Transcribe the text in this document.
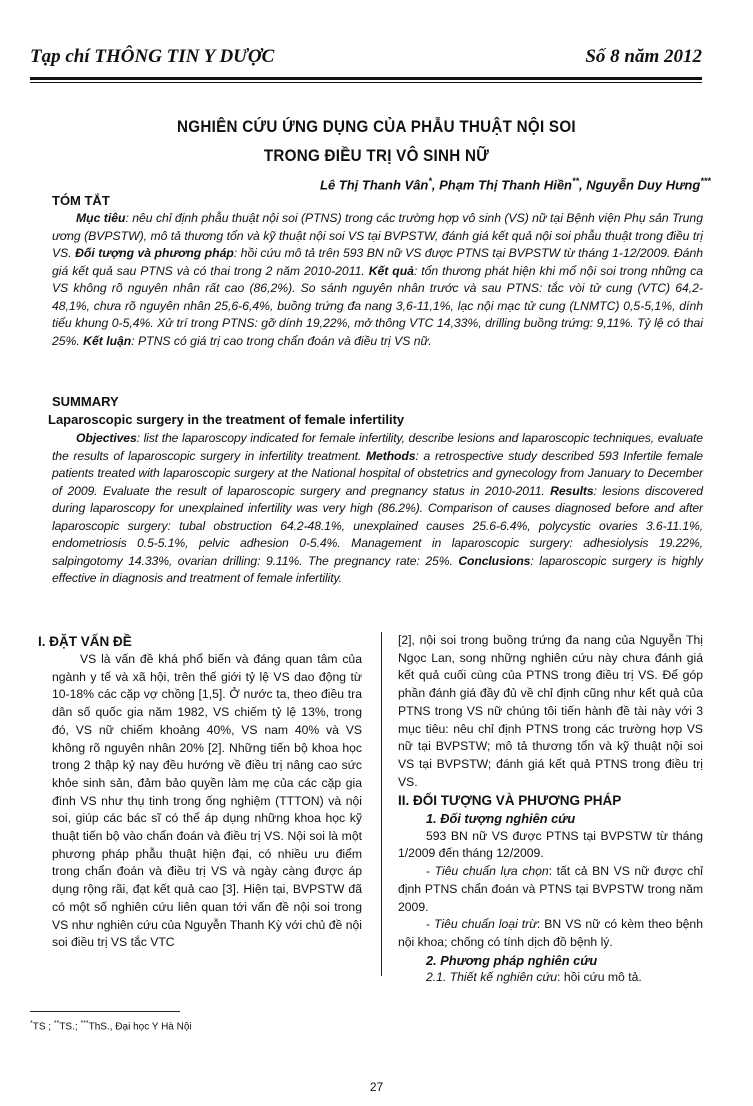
Tạp chí THÔNG TIN Y DƯỢC	Số 8 năm 2012
NGHIÊN CỨU ỨNG DỤNG CỦA PHẪU THUẬT NỘI SOI
TRONG ĐIỀU TRỊ VÔ SINH NỮ
Lê Thị Thanh Vân*, Phạm Thị Thanh Hiền**, Nguyễn Duy Hưng***
TÓM TẮT
Mục tiêu: nêu chỉ định phẫu thuật nội soi (PTNS) trong các trường hợp vô sinh (VS) nữ tại Bệnh viện Phụ sản Trung ương (BVPSTW), mô tả thương tổn và kỹ thuật nội soi VS tại BVPSTW, đánh giá kết quả nội soi phẫu thuật trong điều trị VS. Đối tượng và phương pháp: hồi cứu mô tả trên 593 BN nữ VS được PTNS tại BVPSTW từ tháng 1-12/2009. Đánh giá kết quả sau PTNS và có thai trong 2 năm 2010-2011. Kết quả: tổn thương phát hiện khi mổ nội soi trong những ca VS không rõ nguyên nhân rất cao (86,2%). So sánh nguyên nhân trước và sau PTNS: tắc vòi tử cung (VTC) 64,2-48,1%, chưa rõ nguyên nhân 25,6-6,4%, buồng trứng đa nang 3,6-11,1%, lạc nội mạc tử cung (LNMTC) 0,5-5,1%, dính tiểu khung 0-5,4%. Xử trí trong PTNS: gỡ dính 19,22%, mở thông VTC 14,33%, drilling buồng trứng: 9,11%. Tỷ lệ có thai 25%. Kết luận: PTNS có giá trị cao trong chẩn đoán và điều trị VS nữ.
SUMMARY
Laparoscopic surgery in the treatment of female infertility
Objectives: list the laparoscopy indicated for female infertility, describe lesions and laparoscopic techniques, evaluate the results of laparoscopic surgery in infertility treatment. Methods: a retrospective study described 593 Infertile female patients treated with laparoscopic surgery at the National hospital of obstetrics and gynecology from January to December of 2009. Evaluate the result of laparoscopic surgery and pregnancy status in 2010-2011. Results: lesions discovered during laparoscopy for unexplained infertility was very high (86.2%). Comparison of causes diagnosed before and after laparoscopic surgery: tubal obstruction 64.2-48.1%, unexplained causes 25.6-6.4%, polycystic ovaries 3.6-11.1%, endometriosis 0.5-5.1%, pelvic adhesion 0-5.4%. Management in laparoscopic surgery: adhesiolysis 19.22%, salpingotomy 14.33%, ovarian drilling: 9.11%. The pregnancy rate: 25%. Conclusions: laparoscopic surgery is highly effective in diagnosis and treatment of female infertility.
I. ĐẶT VẤN ĐỀ

VS là vấn đề khá phổ biến và đáng quan tâm của ngành y tế và xã hội, trên thế giới tỷ lệ VS dao động từ 10-18% các cặp vợ chồng [1,5]. Ở nước ta, theo điều tra dân số quốc gia năm 1982, VS chiếm tỷ lệ 13%, trong đó, VS nữ chiếm khoảng 40%, VS nam 40% và VS không rõ nguyên nhân 20% [2]. Những tiến bộ khoa học trong 2 thập kỷ nay đều hướng về điều trị nâng cao sức khỏe sinh sản, đảm bảo quyền làm mẹ của các cặp gia đình VS như thụ tinh trong ống nghiệm (TTTON) và nội soi, giúp các bác sĩ có thể áp dụng những khoa học kỹ thuật tiến bộ vào chẩn đoán và điều trị VS. Nội soi là một phương pháp phẫu thuật hiện đại, có nhiều ưu điểm trong chẩn đoán và điều trị VS và ngày càng được áp dụng rộng rãi, đạt kết quả cao [3]. Hiện tại, BVPSTW đã có một số nghiên cứu liên quan tới vấn đề nội soi trong VS như nghiên cứu của Nguyễn Thanh Kỳ với chủ đề nội soi điều trị VS tắc VTC

[2], nội soi trong buồng trứng đa nang của Nguyễn Thị Ngọc Lan, song những nghiên cứu này chưa đánh giá kết quả cuối cùng của PTNS trong điều trị VS. Để góp phần đánh giá đầy đủ về chỉ định cũng như kết quả của PTNS trong VS nữ chúng tôi tiến hành đề tài này với 3 mục tiêu: nêu chỉ định PTNS trong các trường hợp VS nữ tại BVPSTW; mô tả thương tổn và kỹ thuật nội soi VS tại BVPSTW; đánh giá kết quả PTNS trong điều trị VS.

II. ĐỐI TƯỢNG VÀ PHƯƠNG PHÁP

1. Đối tượng nghiên cứu

593 BN nữ VS được PTNS tại BVPSTW từ tháng 1/2009 đến tháng 12/2009.

- Tiêu chuẩn lựa chọn: tất cả BN VS nữ được chỉ định PTNS chẩn đoán và PTNS tại BVPSTW trong năm 2009.

- Tiêu chuẩn loại trừ: BN VS nữ có kèm theo bệnh nội khoa; chống có tính dịch đồ bệnh lý.

2. Phương pháp nghiên cứu

2.1. Thiết kế nghiên cứu: hồi cứu mô tả.

*TS ; **TS.; ***ThS., Đại học Y Hà Nội
27
